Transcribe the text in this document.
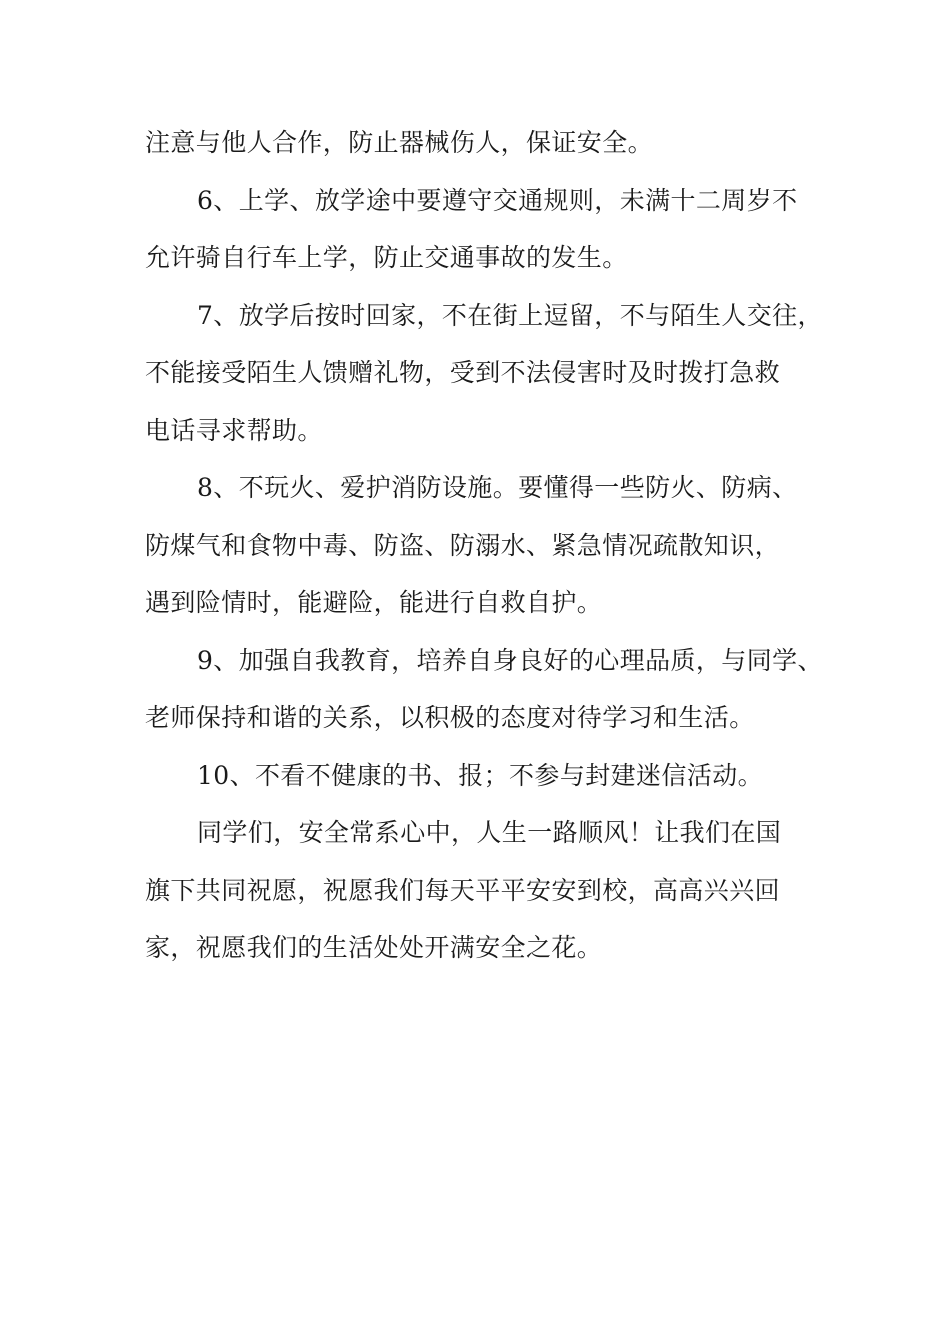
注意与他人合作，防止器械伤人，保证安全。
6、上学、放学途中要遵守交通规则，未满十二周岁不
允许骑自行车上学，防止交通事故的发生。
7、放学后按时回家，不在街上逗留，不与陌生人交往，
不能接受陌生人馈赠礼物，受到不法侵害时及时拨打急救
电话寻求帮助。
8、不玩火、爱护消防设施。要懂得一些防火、防病、
防煤气和食物中毒、防盗、防溺水、紧急情况疏散知识，
遇到险情时，能避险，能进行自救自护。
9、加强自我教育，培养自身良好的心理品质，与同学、
老师保持和谐的关系，以积极的态度对待学习和生活。
10、不看不健康的书、报；不参与封建迷信活动。
同学们，安全常系心中，人生一路顺风！让我们在国
旗下共同祝愿，祝愿我们每天平平安安到校，高高兴兴回
家，祝愿我们的生活处处开满安全之花。
